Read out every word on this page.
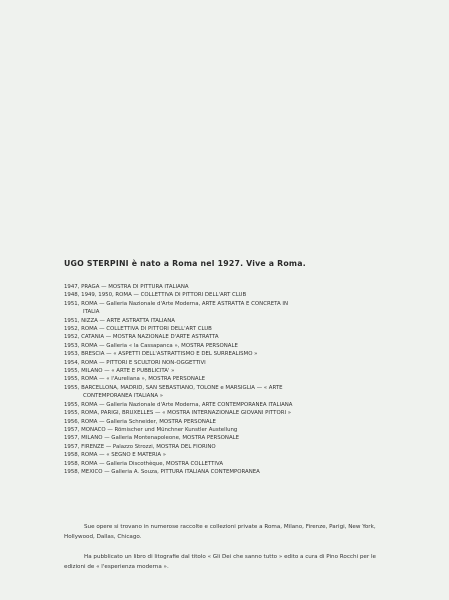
UGO STERPINI è nato a Roma nel 1927. Vive a Roma.
1947, PRAGA — MOSTRA DI PITTURA ITALIANA
1948, 1949, 1950, ROMA — COLLETTIVA DI PITTORI DELL'ART CLUB
1951, ROMA — Galleria Nazionale d'Arte Moderna, ARTE ASTRATTA E CONCRETA IN
ITALIA
1951, NIZZA — ARTE ASTRATTA ITALIANA
1952, ROMA — COLLETTIVA DI PITTORI DELL'ART CLUB
1952, CATANIA — MOSTRA NAZIONALE D'ARTE ASTRATTA
1953, ROMA — Galleria « la Cassapanca », MOSTRA PERSONALE
1953, BRESCIA — « ASPETTI DELL'ASTRATTISMO E DEL SURREALISMO »
1954, ROMA — PITTORI E SCULTORI NON-OGGETTIVI
1955, MILANO — « ARTE E PUBBLICITA' »
1955, ROMA — « l'Aureliana », MOSTRA PERSONALE
1955, BARCELLONA, MADRID, SAN SEBASTIANO, TOLONE e MARSIGLIA — « ARTE
CONTEMPORANEA ITALIANA »
1955, ROMA — Galleria Nazionale d'Arte Moderna, ARTE CONTEMPORANEA ITALIANA
1955, ROMA, PARIGI, BRUXELLES — « MOSTRA INTERNAZIONALE GIOVANI PITTORI »
1956, ROMA — Galleria Schneider, MOSTRA PERSONALE
1957, MONACO — Römischer und Münchner Kunstler Austellung
1957, MILANO — Galleria Montenapoleone, MOSTRA PERSONALE
1957, FIRENZE — Palazzo Strozzi, MOSTRA DEL FIORINO
1958, ROMA — « SEGNO E MATERIA »
1958, ROMA — Galleria Discothèque, MOSTRA COLLETTIVA
1958, MEXICO — Galleria A. Souza, PITTURA ITALIANA CONTEMPORANEA

Sue opere si trovano in numerose raccolte e collezioni private a Roma, Milano, Firenze, Parigi, New York, Hollywood, Dallas, Chicago.

Ha pubblicato un libro di litografie dal titolo « Gli Dei che sanno tutto » edito a cura di Pino Rocchi per le edizioni de « l'esperienza moderna ».
